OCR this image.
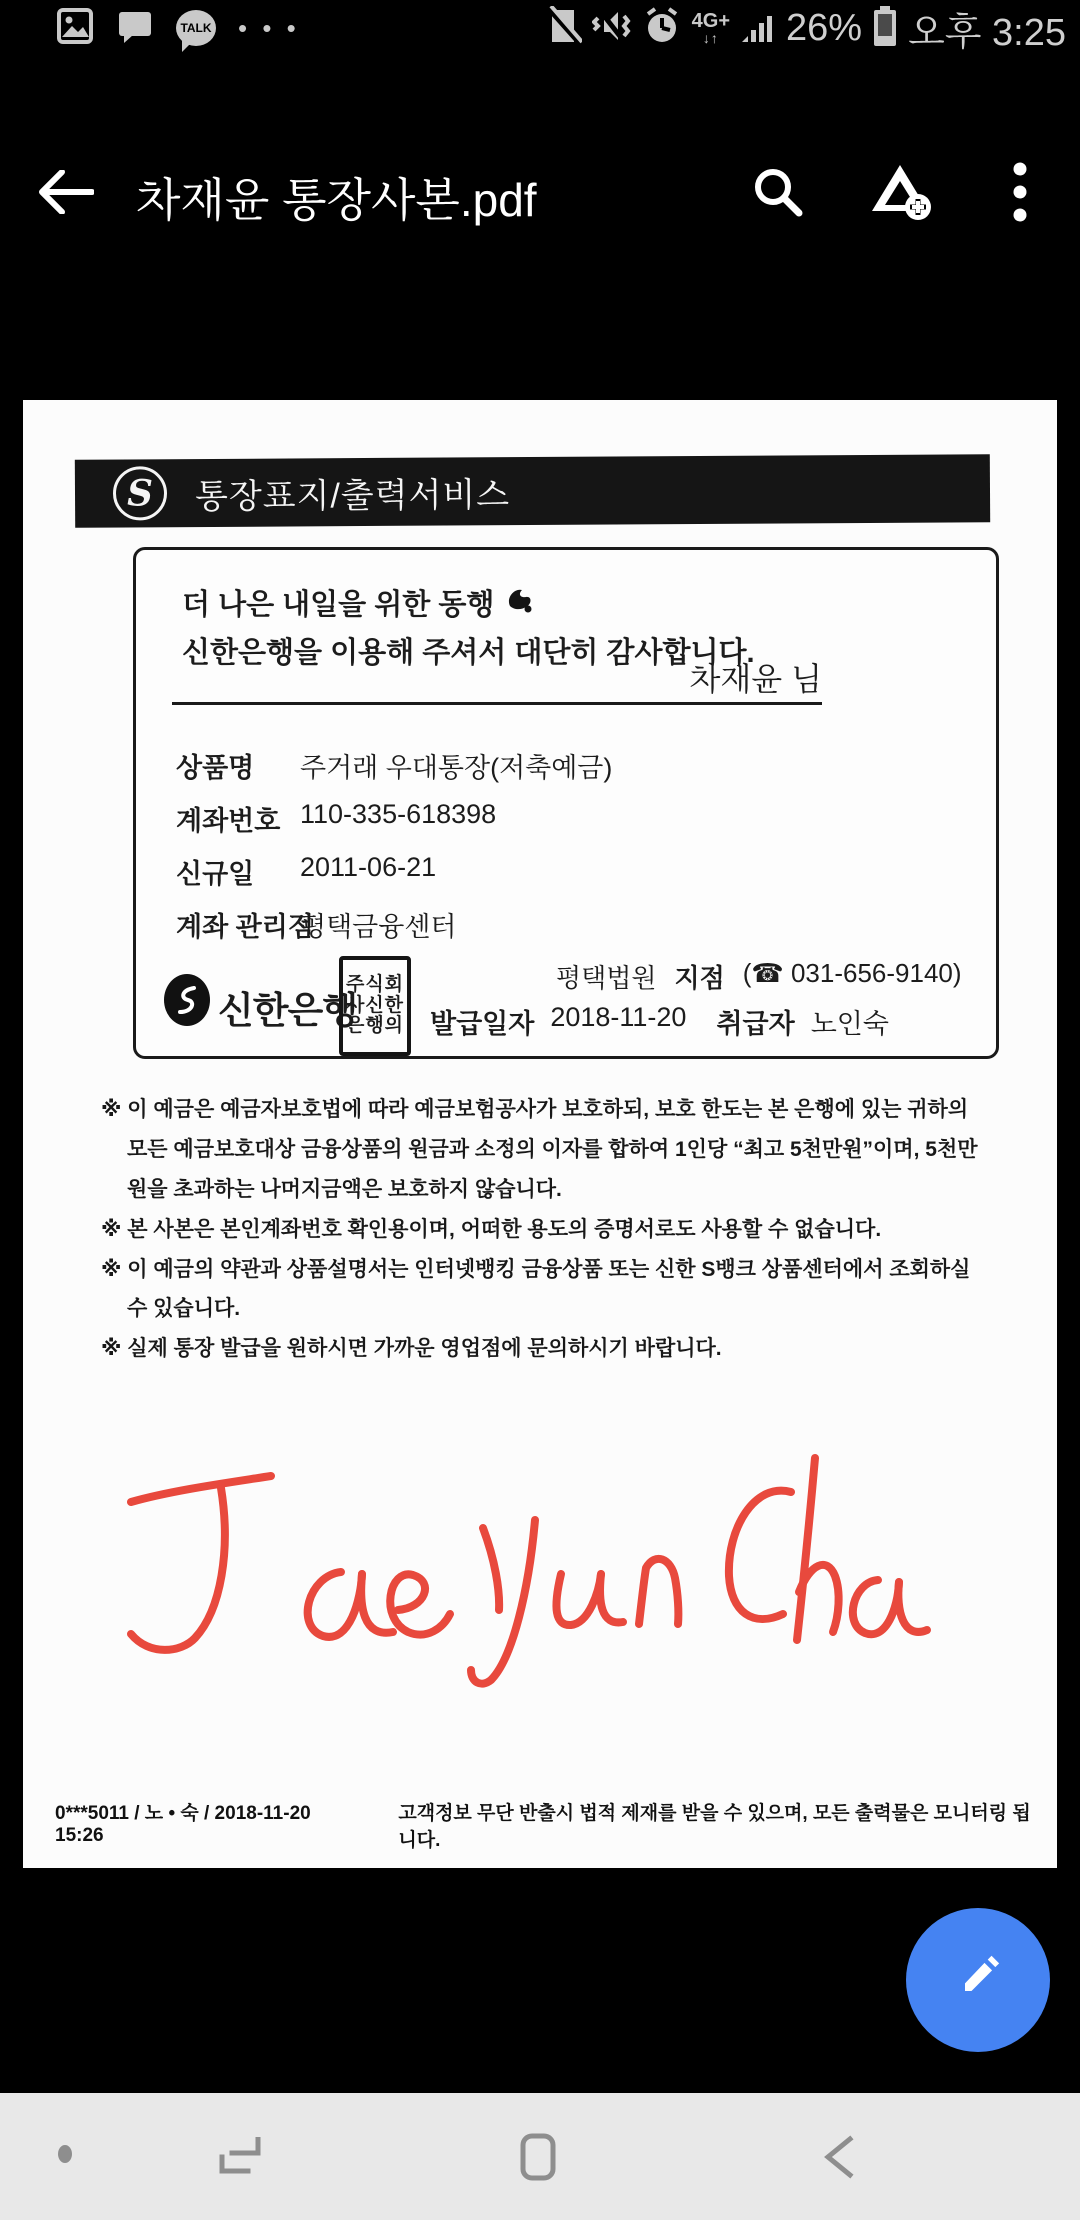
TALK • • •	4G+
↓↑ 26% 오후 3:25
차재윤 통장사본.pdf
S	통장표지/출력서비스
더 나은 내일을 위한 동행
신한은행을 이용해 주셔서 대단히 감사합니다.
차재윤 님
상품명 주거래 우대통장(저축예금)
계좌번호 110-335-618398
신규일 2011-06-21
계좌 관리점
평택금융센터
신한은행
주식회
사신한
은행의
평택법원 지점 (☎ 031-656-9140)
발급일자 2018-11-20 취급자 노인숙
※ 이 예금은 예금자보호법에 따라 예금보험공사가 보호하되, 보호 한도는 본 은행에 있는 귀하의 모든 예금보호대상 금융상품의 원금과 소정의 이자를 합하여 1인당 “최고 5천만원”이며, 5천만원을 초과하는 나머지금액은 보호하지 않습니다.
※ 본 사본은 본인계좌번호 확인용이며, 어떠한 용도의 증명서로도 사용할 수 없습니다.
※ 이 예금의 약관과 상품설명서는 인터넷뱅킹 금융상품 또는 신한 S뱅크 상품센터에서 조회하실 수 있습니다.
※ 실제 통장 발급을 원하시면 가까운 영업점에 문의하시기 바랍니다.
0***5011 / 노 • 숙 / 2018-11-20 15:26
고객정보 무단 반출시 법적 제재를 받을 수 있으며, 모든 출력물은 모니터링 됩니다.
